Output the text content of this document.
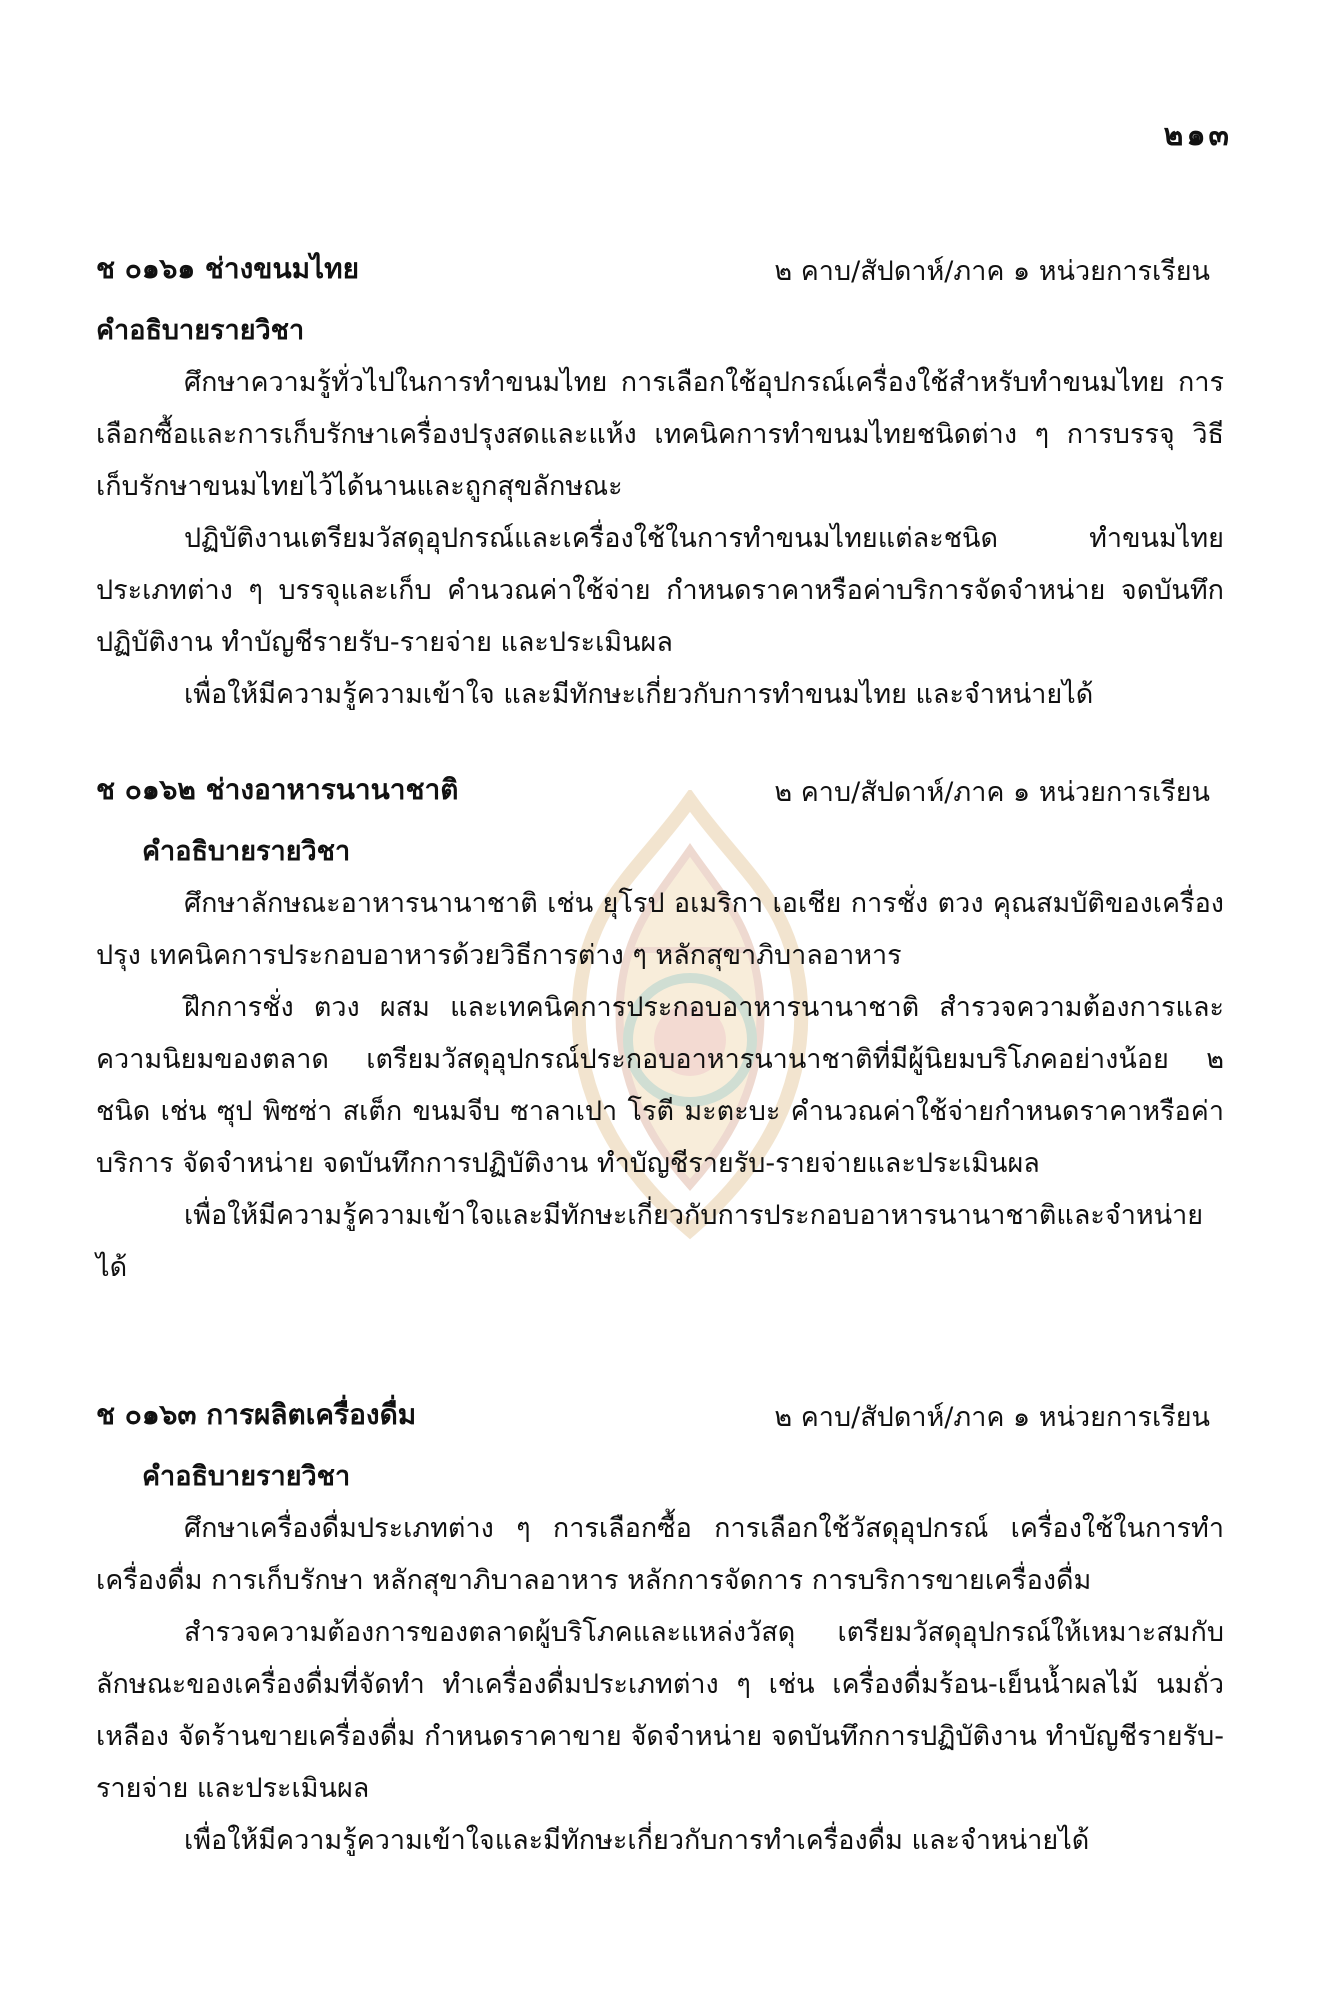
๒๑๓
ช ๐๑๖๑ ช่างขนมไทย	๒ คาบ/สัปดาห์/ภาค ๑ หน่วยการเรียน
คำอธิบายรายวิชา
ศึกษาความรู้ทั่วไปในการทำขนมไทย การเลือกใช้อุปกรณ์เครื่องใช้สำหรับทำขนมไทย การเลือกซื้อและการเก็บรักษาเครื่องปรุงสดและแห้ง เทคนิคการทำขนมไทยชนิดต่าง ๆ การบรรจุ วิธีเก็บรักษาขนมไทยไว้ได้นานและถูกสุขลักษณะ
ปฏิบัติงานเตรียมวัสดุอุปกรณ์และเครื่องใช้ในการทำขนมไทยแต่ละชนิด ทำขนมไทยประเภทต่าง ๆ บรรจุและเก็บ คำนวณค่าใช้จ่าย กำหนดราคาหรือค่าบริการจัดจำหน่าย จดบันทึกปฏิบัติงาน ทำบัญชีรายรับ-รายจ่าย และประเมินผล
เพื่อให้มีความรู้ความเข้าใจ และมีทักษะเกี่ยวกับการทำขนมไทย และจำหน่ายได้
ช ๐๑๖๒ ช่างอาหารนานาชาติ	๒ คาบ/สัปดาห์/ภาค ๑ หน่วยการเรียน
คำอธิบายรายวิชา
ศึกษาลักษณะอาหารนานาชาติ เช่น ยุโรป อเมริกา เอเชีย การชั่ง ตวง คุณสมบัติของเครื่องปรุง เทคนิคการประกอบอาหารด้วยวิธีการต่าง ๆ หลักสุขาภิบาลอาหาร
ฝึกการชั่ง ตวง ผสม และเทคนิคการประกอบอาหารนานาชาติ สำรวจความต้องการและความนิยมของตลาด เตรียมวัสดุอุปกรณ์ประกอบอาหารนานาชาติที่มีผู้นิยมบริโภคอย่างน้อย ๒ ชนิด เช่น ซุป พิซซ่า สเต็ก ขนมจีบ ซาลาเปา โรตี มะตะบะ คำนวณค่าใช้จ่ายกำหนดราคาหรือค่าบริการ จัดจำหน่าย จดบันทึกการปฏิบัติงาน ทำบัญชีรายรับ-รายจ่ายและประเมินผล
เพื่อให้มีความรู้ความเข้าใจและมีทักษะเกี่ยวกับการประกอบอาหารนานาชาติและจำหน่ายได้
ช ๐๑๖๓ การผลิตเครื่องดื่ม	๒ คาบ/สัปดาห์/ภาค ๑ หน่วยการเรียน
คำอธิบายรายวิชา
ศึกษาเครื่องดื่มประเภทต่าง ๆ การเลือกซื้อ การเลือกใช้วัสดุอุปกรณ์ เครื่องใช้ในการทำเครื่องดื่ม การเก็บรักษา หลักสุขาภิบาลอาหาร หลักการจัดการ การบริการขายเครื่องดื่ม
สำรวจความต้องการของตลาดผู้บริโภคและแหล่งวัสดุ เตรียมวัสดุอุปกรณ์ให้เหมาะสมกับลักษณะของเครื่องดื่มที่จัดทำ ทำเครื่องดื่มประเภทต่าง ๆ เช่น เครื่องดื่มร้อน-เย็นน้ำผลไม้ นมถั่วเหลือง จัดร้านขายเครื่องดื่ม กำหนดราคาขาย จัดจำหน่าย จดบันทึกการปฏิบัติงาน ทำบัญชีรายรับ-รายจ่าย และประเมินผล
เพื่อให้มีความรู้ความเข้าใจและมีทักษะเกี่ยวกับการทำเครื่องดื่ม และจำหน่ายได้
